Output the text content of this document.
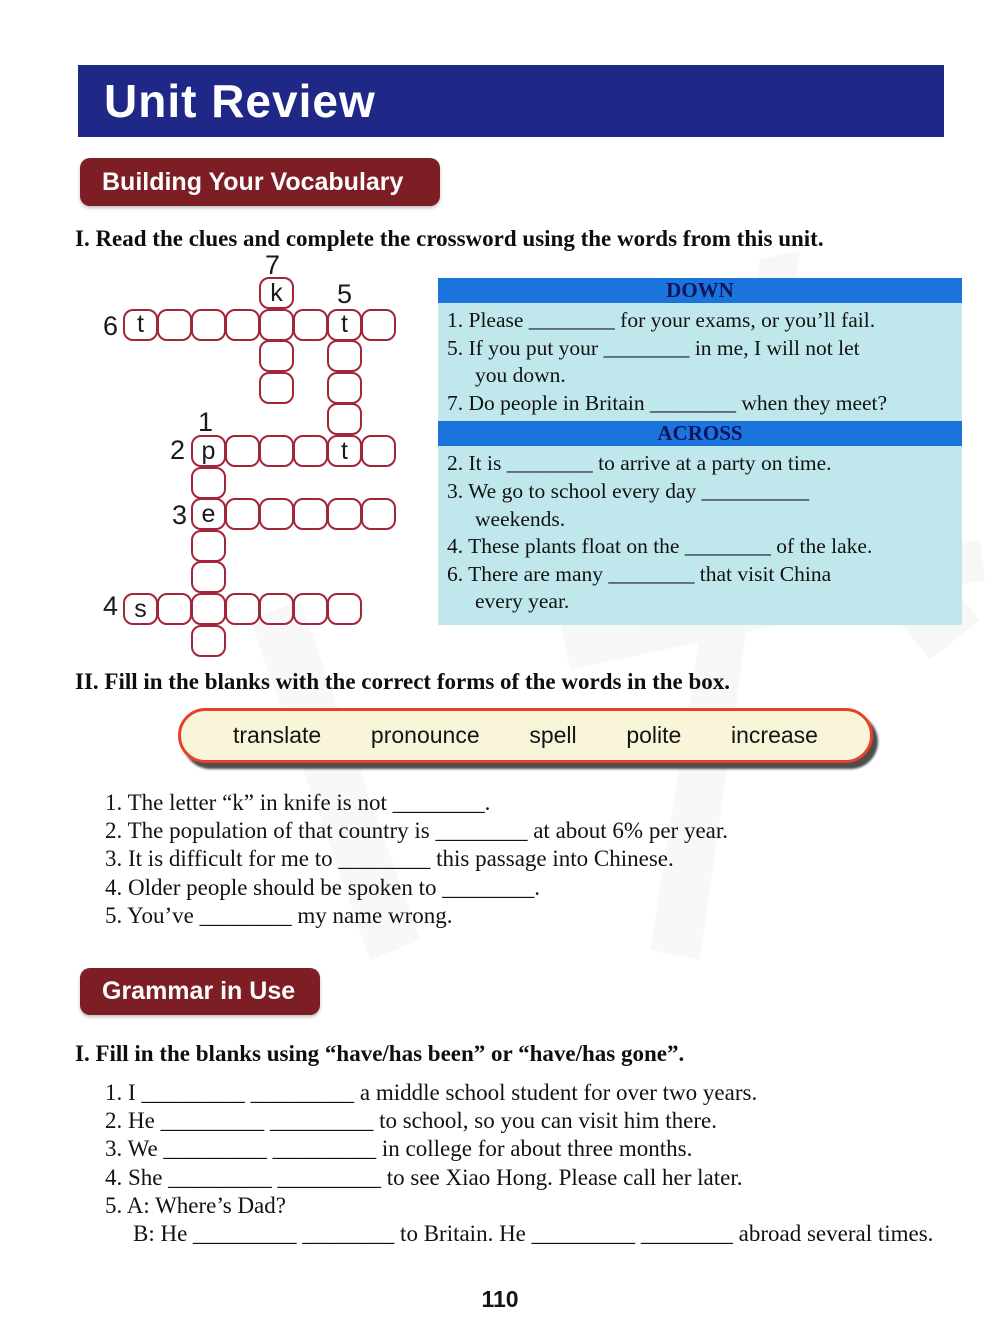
Unit Review
Building Your Vocabulary
I. Read the clues and complete the crossword using the words from this unit.
k
t	t
p	t
e
s
7
5
6
1
2
3
4
DOWN
1. Please ________ for your exams, or you’ll fail.
5. If you put your ________ in me, I will not let
you down.
7. Do people in Britain ________ when they meet?
ACROSS
2. It is ________ to arrive at a party on time.
3. We go to school every day __________
weekends.
4. These plants float on the ________ of the lake.
6. There are many ________ that visit China
every year.
II. Fill in the blanks with the correct forms of the words in the box.
translate pronounce spell polite increase
1. The letter “k” in knife is not ________.
2. The population of that country is ________ at about 6% per year.
3. It is difficult for me to ________ this passage into Chinese.
4. Older people should be spoken to ________.
5. You’ve ________ my name wrong.
Grammar in Use
I. Fill in the blanks using “have/has been” or “have/has gone”.
1. I _________ _________ a middle school student for over two years.
2. He _________ _________ to school, so you can visit him there.
3. We _________ _________ in college for about three months.
4. She _________ _________ to see Xiao Hong. Please call her later.
5. A: Where’s Dad?
B: He _________ ________ to Britain. He _________ ________ abroad several times.
110
